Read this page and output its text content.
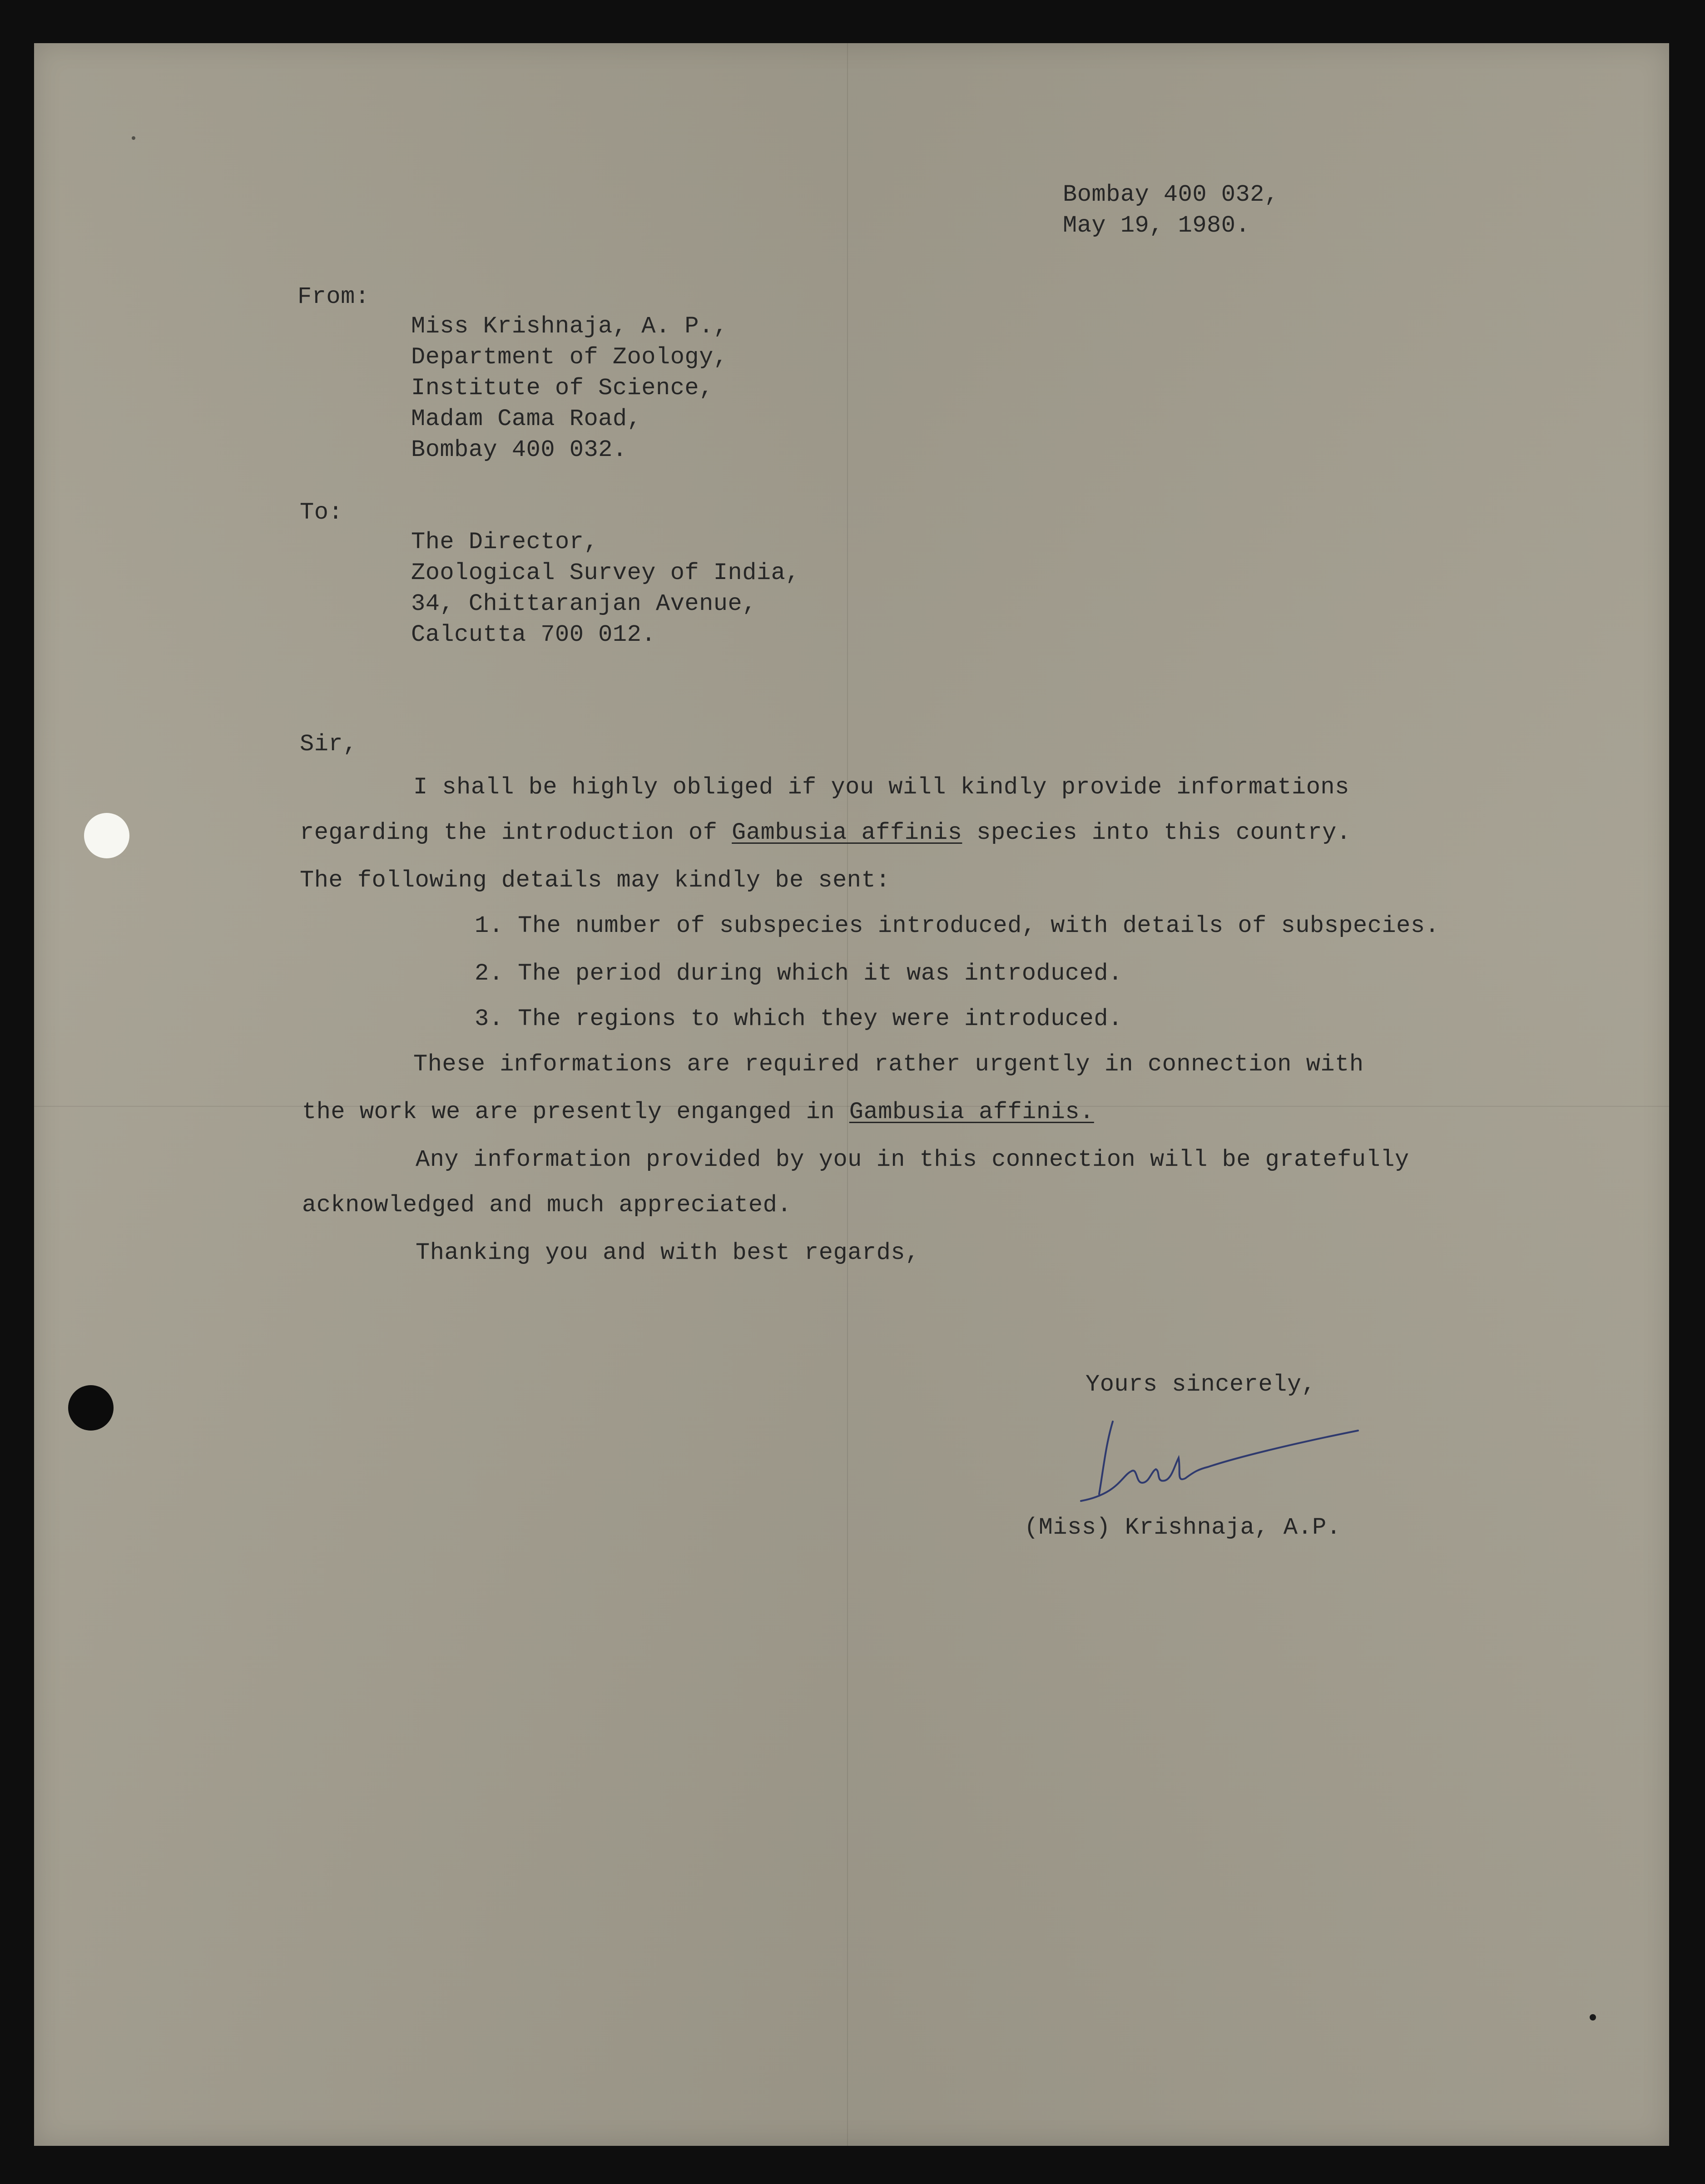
Bombay 400 032,
May 19, 1980.
From:
Miss Krishnaja, A. P.,
Department of Zoology,
Institute of Science,
Madam Cama Road,
Bombay 400 032.
To:
The Director,
Zoological Survey of India,
34, Chittaranjan Avenue,
Calcutta 700 012.
Sir,
I shall be highly obliged if you will kindly provide informations
regarding the introduction of Gambusia affinis species into this country.
The following details may kindly be sent:
1. The number of subspecies introduced, with details of subspecies.
2. The period during which it was introduced.
3. The regions to which they were introduced.
These informations are required rather urgently in connection with
the work we are presently enganged in Gambusia affinis.
Any information provided by you in this connection will be gratefully
acknowledged and much appreciated.
Thanking you and with best regards,
Yours sincerely,
Krishn
(Miss) Krishnaja, A.P.
